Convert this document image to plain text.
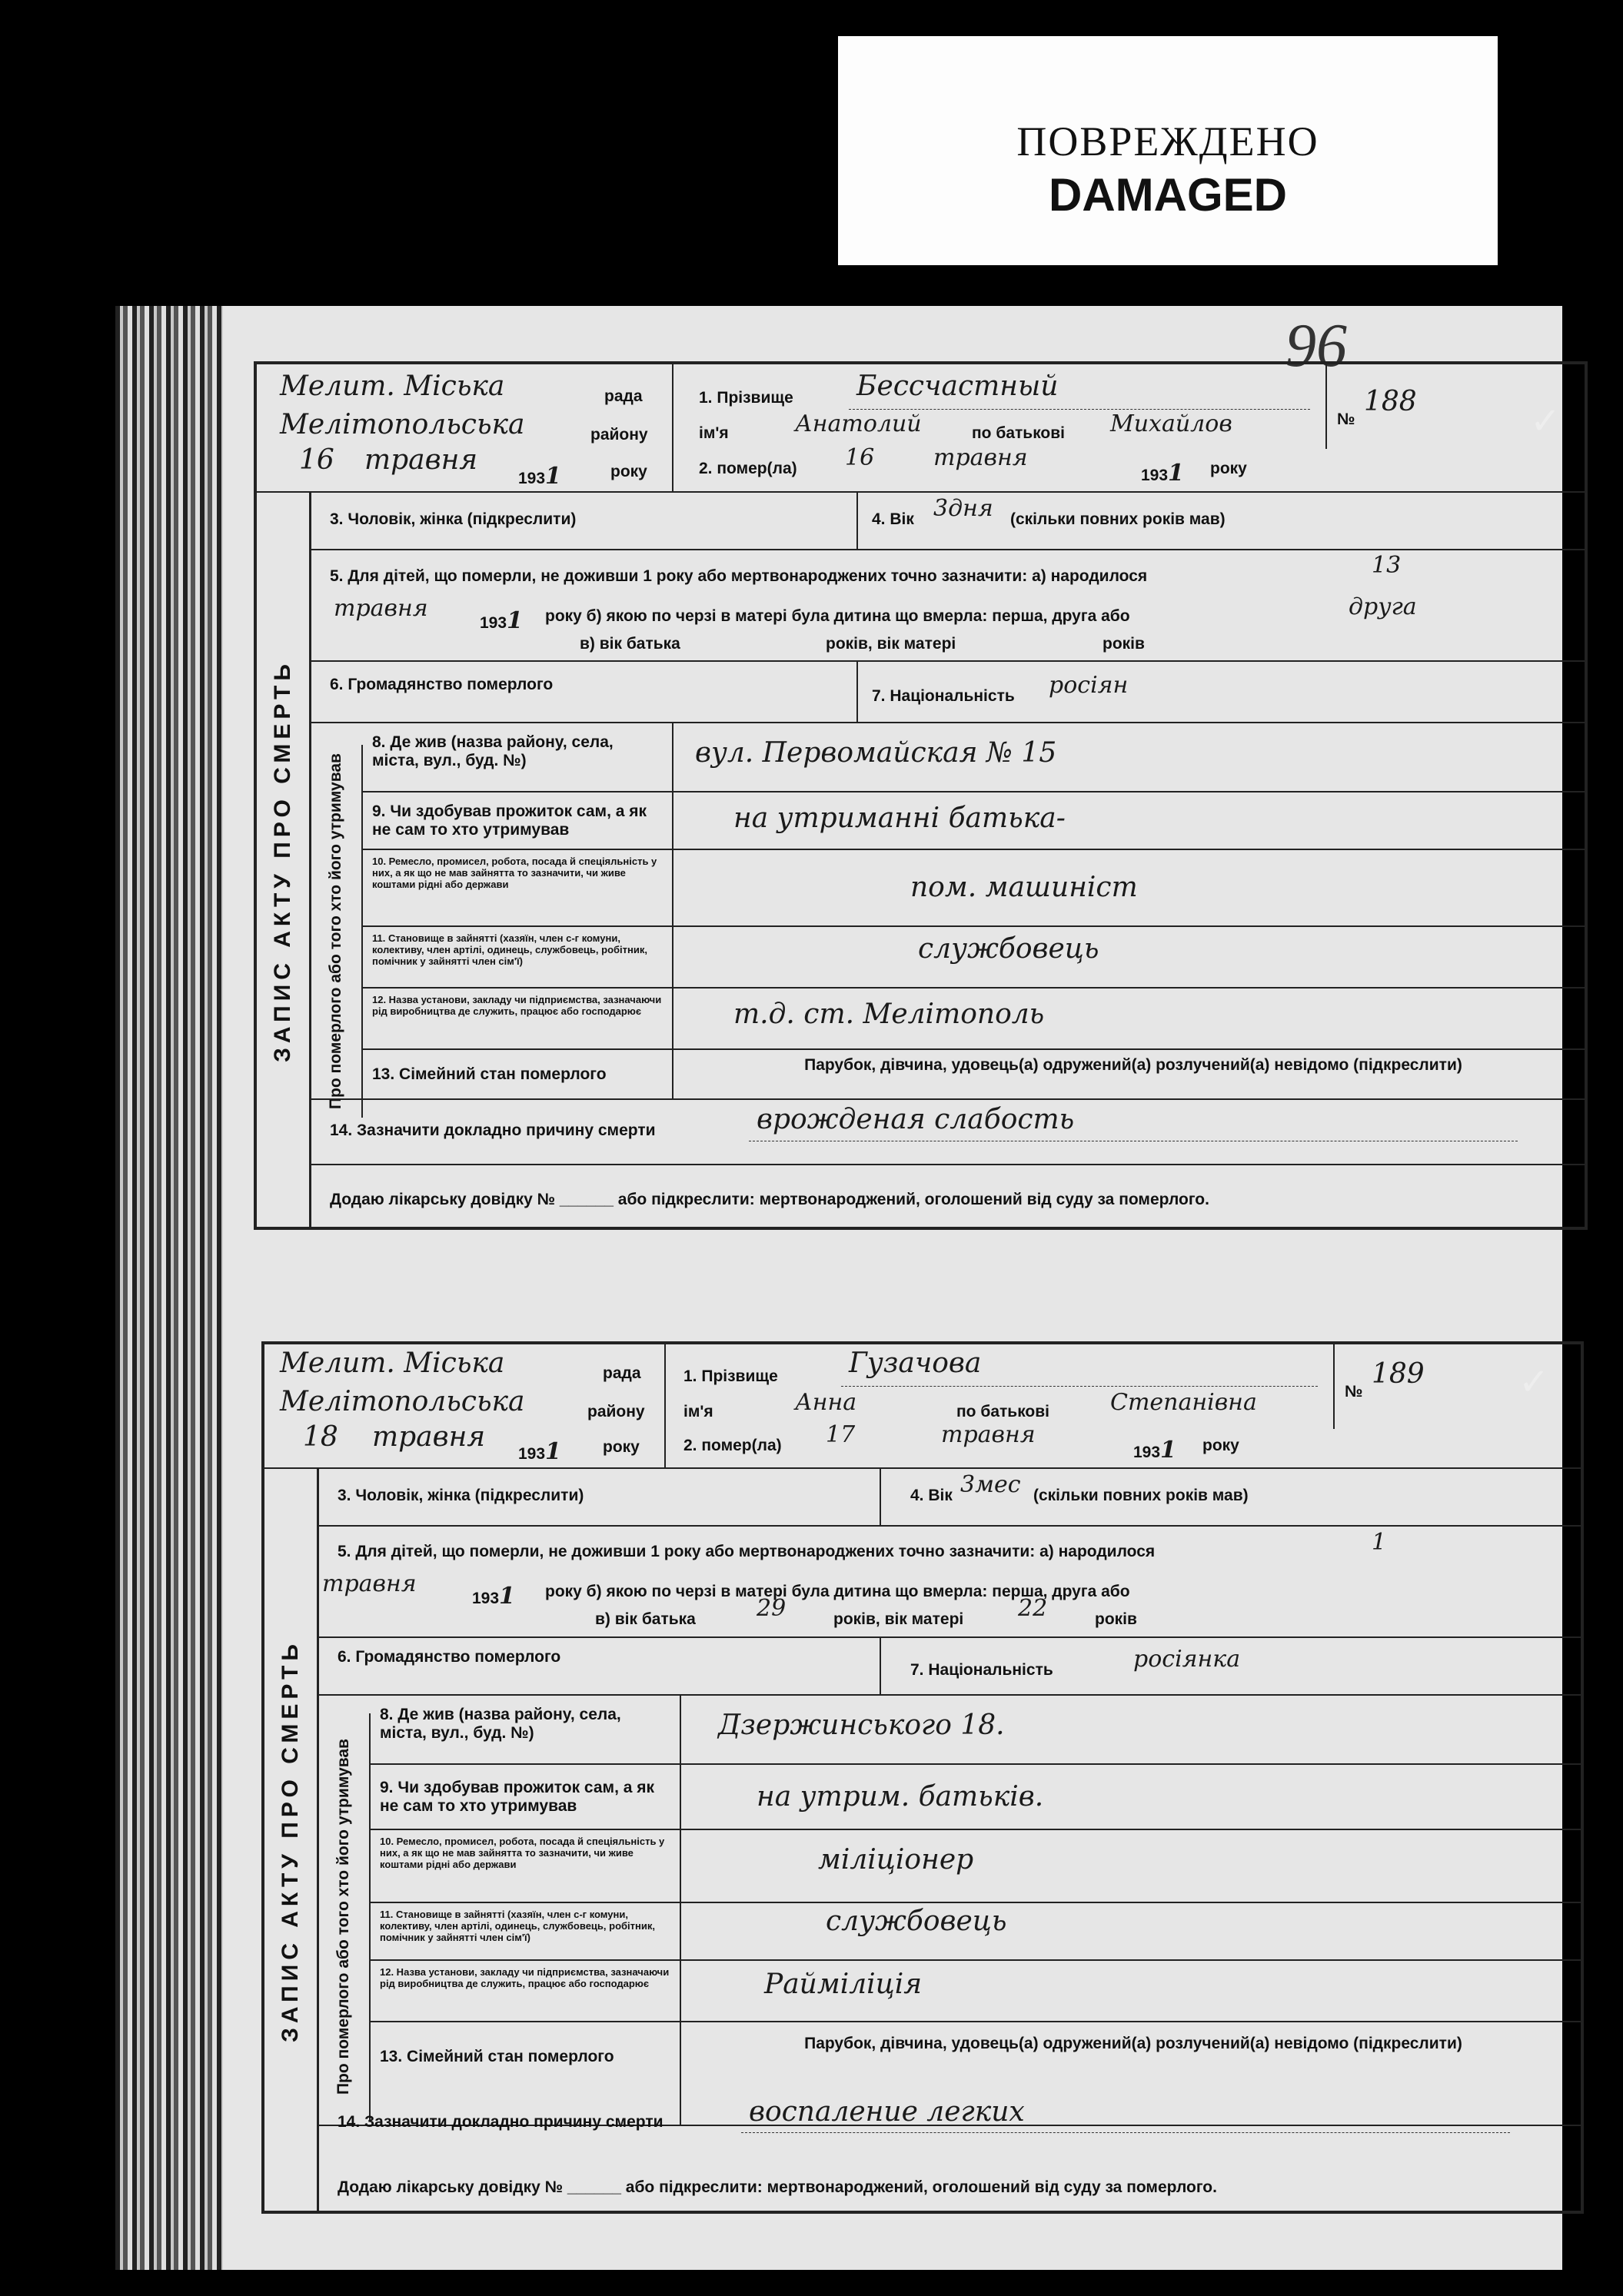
ПОВРЕЖДЕНО
DAMAGED
96
✓
✓
Мелит. Міська	рада
Мелітопольська	району
16 травня
1931	року
1. Прізвище Бессчастный
ім'я	Анатолий	по батькові Михайлов
2. помер(ла) 16	травня
1931 року
№
188
ЗАПИС АКТУ ПРО СМЕРТЬ Про померлого або того хто його утримував
3. Чоловік, жінка (підкреслити)	4. Вік 3дня (скільки повних років мав)
5. Для дітей, що померли, не доживши 1 року або мертвонароджених точно зазначити: а) народилося	13
травня
1931 року б) якою по черзі в матері була дитина що вмерла: перша, друга або	друга
в) вік батька	років, вік матері	років
6. Громадянство померлого
7. Національність росіян
8. Де жив (назва району, села, міста, вул., буд. №)	вул. Первомайская № 15
9. Чи здобував прожиток сам, а як не сам то хто утримував	на утриманні батька-
10. Ремесло, промисел, робота, посада й спеціяльність у них, а як що не мав зайнятта то зазначити, чи живе коштами рідні або держави	пом. машиніст
11. Становище в зайнятті (хазяїн, член с-г комуни, колективу, член артілі, одинець, службовець, робітник, помічник у зайнятті член сім'ї)	службовець
12. Назва установи, закладу чи підприємства, зазначаючи рід виробництва де служить, працює або господарює	т.д. ст. Мелітополь
13. Сімейний стан померлого
Парубок, дівчина, удовець(а) одружений(а) розлучений(а) невідомо (підкреслити)
14. Зазначити докладно причину смерти	врожденая слабость
Додаю лікарську довідку № ______ або підкреслити: мертвонароджений, оголошений від суду за померлого.
Мелит. Міська	рада
Мелітопольська	району
18 травня
1931	року
1. Прізвище	Гузачова
ім'я	Анна	по батькові	Степанівна
2. помер(ла) 17	травня
1931 року
№
189
ЗАПИС АКТУ ПРО СМЕРТЬ Про померлого або того хто його утримував
3. Чоловік, жінка (підкреслити)	4. Вік 3мес (скільки повних років мав)
5. Для дітей, що померли, не доживши 1 року або мертвонароджених точно зазначити: а) народилося	1
травня
1931 року б) якою по черзі в матері була дитина що вмерла: перша, друга або
в) вік батька	29	років, вік матері 22	років
6. Громадянство померлого
7. Національність	росіянка
8. Де жив (назва району, села, міста, вул., буд. №)	Дзержинського 18.
9. Чи здобував прожиток сам, а як не сам то хто утримував	на утрим. батьків.
10. Ремесло, промисел, робота, посада й спеціяльність у них, а як що не мав зайнятта то зазначити, чи живе коштами рідні або держави	міліціонер
11. Становище в зайнятті (хазяїн, член с-г комуни, колективу, член артілі, одинець, службовець, робітник, помічник у зайнятті член сім'ї)
службовець
12. Назва установи, закладу чи підприємства, зазначаючи рід виробництва де служить, працює або господарює	Райміліція
13. Сімейний стан померлого
Парубок, дівчина, удовець(а) одружений(а) розлучений(а) невідомо (підкреслити)
14. Зазначити докладно причину смерти	воспаление легких
Додаю лікарську довідку № ______ або підкреслити: мертвонароджений, оголошений від суду за померлого.
